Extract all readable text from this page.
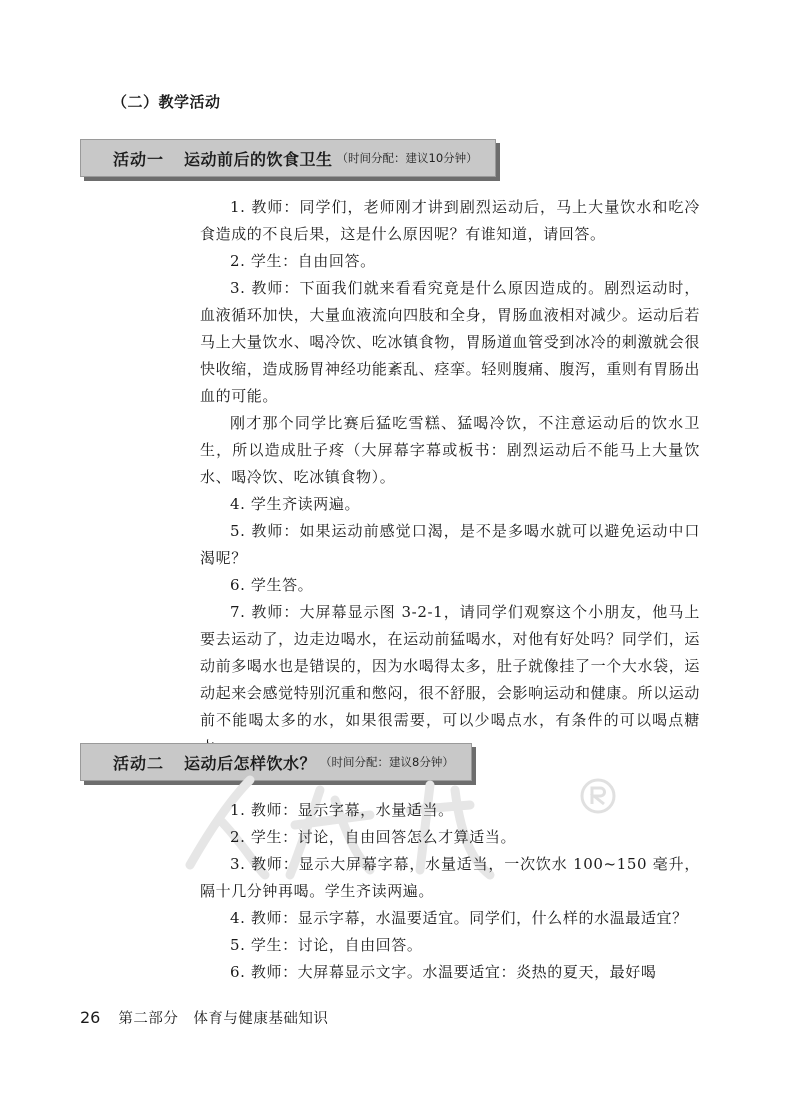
（二）教学活动
活动一 运动前后的饮食卫生 （时间分配：建议10分钟）

1. 教师：同学们，老师刚才讲到剧烈运动后，马上大量饮水和吃冷食造成的不良后果，这是什么原因呢？有谁知道，请回答。

2. 学生：自由回答。

3. 教师：下面我们就来看看究竟是什么原因造成的。剧烈运动时，血液循环加快，大量血液流向四肢和全身，胃肠血液相对减少。运动后若马上大量饮水、喝冷饮、吃冰镇食物，胃肠道血管受到冰冷的刺激就会很快收缩，造成肠胃神经功能紊乱、痉挛。轻则腹痛、腹泻，重则有胃肠出血的可能。

刚才那个同学比赛后猛吃雪糕、猛喝冷饮，不注意运动后的饮水卫生，所以造成肚子疼（大屏幕字幕或板书：剧烈运动后不能马上大量饮水、喝冷饮、吃冰镇食物）。

4. 学生齐读两遍。

5. 教师：如果运动前感觉口渴，是不是多喝水就可以避免运动中口渴呢？

6. 学生答。

7. 教师：大屏幕显示图 3-2-1，请同学们观察这个小朋友，他马上要去运动了，边走边喝水，在运动前猛喝水，对他有好处吗？同学们，运动前多喝水也是错误的，因为水喝得太多，肚子就像挂了一个大水袋，运动起来会感觉特别沉重和憋闷，很不舒服，会影响运动和健康。所以运动前不能喝太多的水，如果很需要，可以少喝点水，有条件的可以喝点糖

活动二 运动后怎样饮水？ （时间分配：建议8分钟）

1. 教师：显示字幕，水量适当。

2. 学生：讨论，自由回答怎么才算适当。

3. 教师：显示大屏幕字幕，水量适当，一次饮水 100~150 毫升，隔十几分钟再喝。学生齐读两遍。

4. 教师：显示字幕，水温要适宜。同学们，什么样的水温最适宜？

5. 学生：讨论，自由回答。

6. 教师：大屏幕显示文字。水温要适宜：炎热的夏天，最好喝

26 第二部分　体育与健康基础知识
